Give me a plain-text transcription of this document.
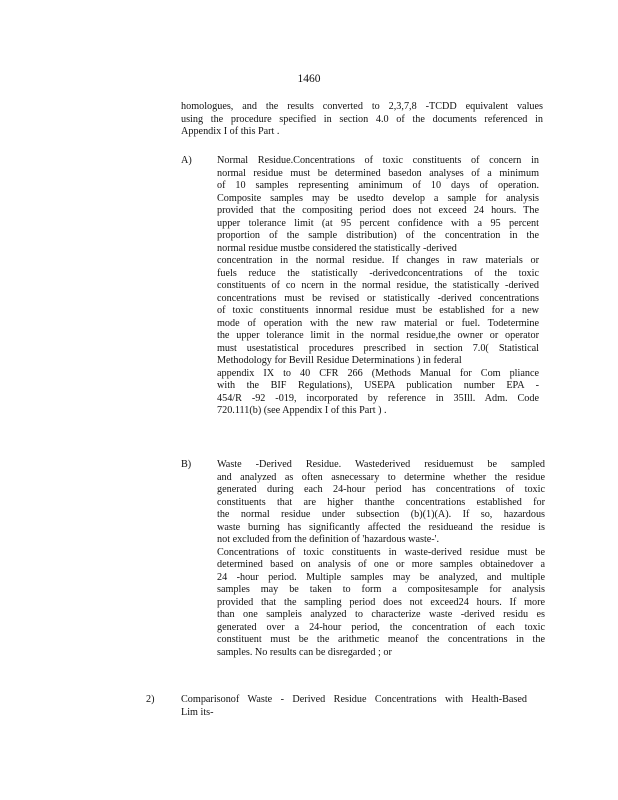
1460
homologues, and the results converted to 2,3,7,8 -TCDD equivalent values
using the procedure specified in section 4.0 of the documents referenced in
Appendix I of this Part .
A) Normal Residue.Concentrations of toxic constituents of concern in
normal residue must be determined basedon analyses of a minimum
of 10 samples representing aminimum of 10 days of operation.
Composite samples may be usedto develop a sample for analysis
provided that the compositing period does not exceed 24 hours. The
upper tolerance limit (at 95 percent confidence with a 95 percent
proportion of the sample distribution) of the concentration in the
normal residue mustbe considered the statistically -derived
concentration in the normal residue. If changes in raw materials or
fuels reduce the statistically -derivedconcentrations of the toxic
constituents of co ncern in the normal residue, the statistically -derived
concentrations must be revised or statistically -derived concentrations
of toxic constituents innormal residue must be established for a new
mode of operation with the new raw material or fuel. Todetermine
the upper tolerance limit in the normal residue,the owner or operator
must usestatistical procedures prescribed in section 7.0( Statistical
Methodology for Bevill Residue Determinations ) in federal
appendix IX to 40 CFR 266 (Methods Manual for Com pliance
with the BIF Regulations), USEPA publication number EPA -
454/R -92 -019, incorporated by reference in 35Ill. Adm. Code
720.111(b) (see Appendix I of this Part ) .
B)	Waste -Derived Residue. Wastederived residuemust be sampled
and analyzed as often asnecessary to determine whether the residue
generated during each 24-hour period has concentrations of toxic
constituents that are higher thanthe concentrations established for
the normal residue under subsection (b)(1)(A). If so, hazardous
waste burning has significantly affected the residueand the residue is
not excluded from the definition of 'hazardous waste-'.
Concentrations of toxic constituents in waste-derived residue must be
determined based on analysis of one or more samples obtainedover a
24 -hour period. Multiple samples may be analyzed, and multiple
samples may be taken to form a compositesample for analysis
provided that the sampling period does not exceed24 hours. If more
than one sampleis analyzed to characterize waste -derived residu es
generated over a 24-hour period, the concentration of each toxic
constituent must be the arithmetic meanof the concentrations in the
samples. No results can be disregarded ; or
2)	Comparisonof Waste - Derived Residue Concentrations with Health-Based
Lim its-
